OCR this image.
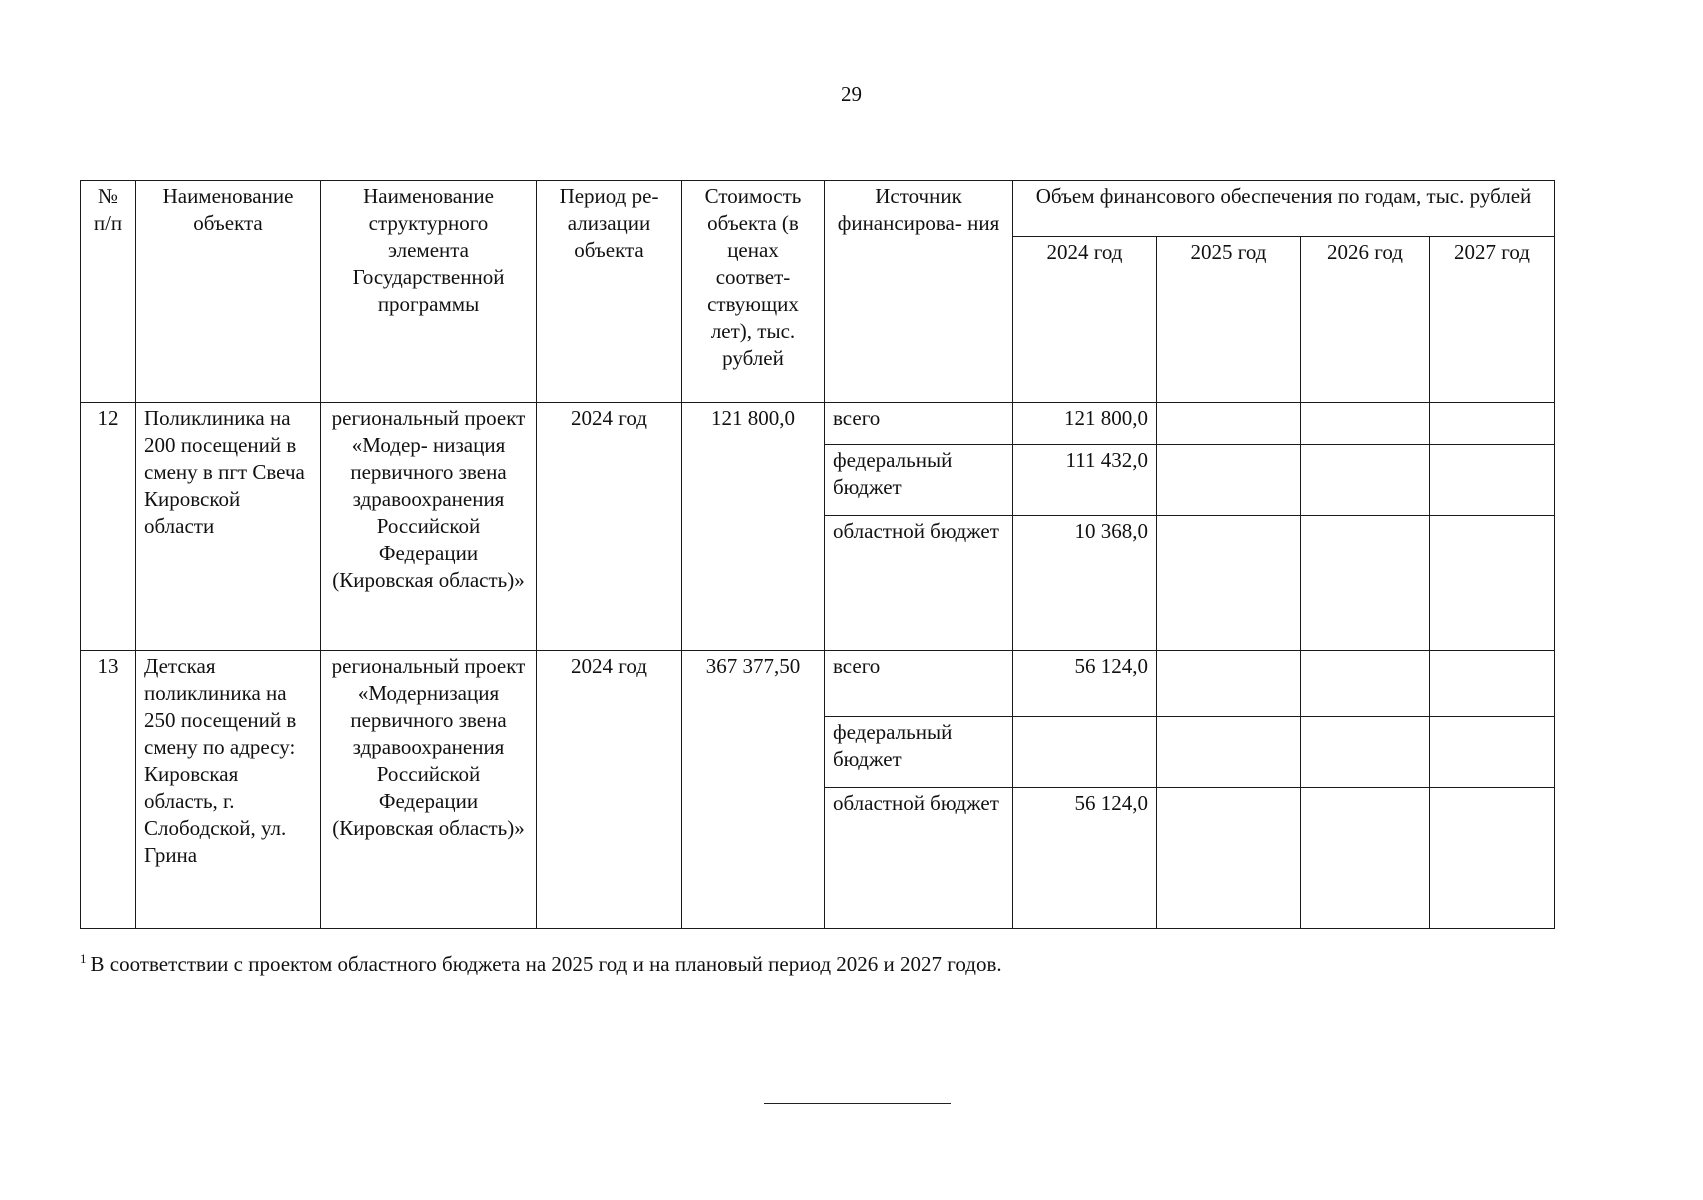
29
№ п/п	Наименование объекта	Наименование структурного элемента Государственной программы	Период ре- ализации объекта	Стоимость объекта (в ценах соответ- ствующих лет), тыс. рублей	Источник финансирова- ния	Объем финансового обеспечения по годам, тыс. рублей			
						2024 год	2025 год	2026 год	2027 год
12	Поликлиника на 200 посещений в смену в пгт Свеча Кировской области	региональный проект «Модер- низация первичного звена здравоохранения Российской Федерации (Кировская область)»	2024 год	121 800,0	всего	121 800,0			
					федеральный бюджет	111 432,0			
					областной бюджет	10 368,0			
13	Детская поликлиника на 250 посещений в смену по адресу: Кировская область, г. Слободской, ул. Грина	региональный проект «Модернизация первичного звена здравоохранения Российской Федерации (Кировская область)»	2024 год	367 377,50	всего	56 124,0			
					федеральный бюджет				
					областной бюджет	56 124,0			
$^1$ В соответствии с проектом областного бюджета на 2025 год и на плановый период 2026 и 2027 годов.
